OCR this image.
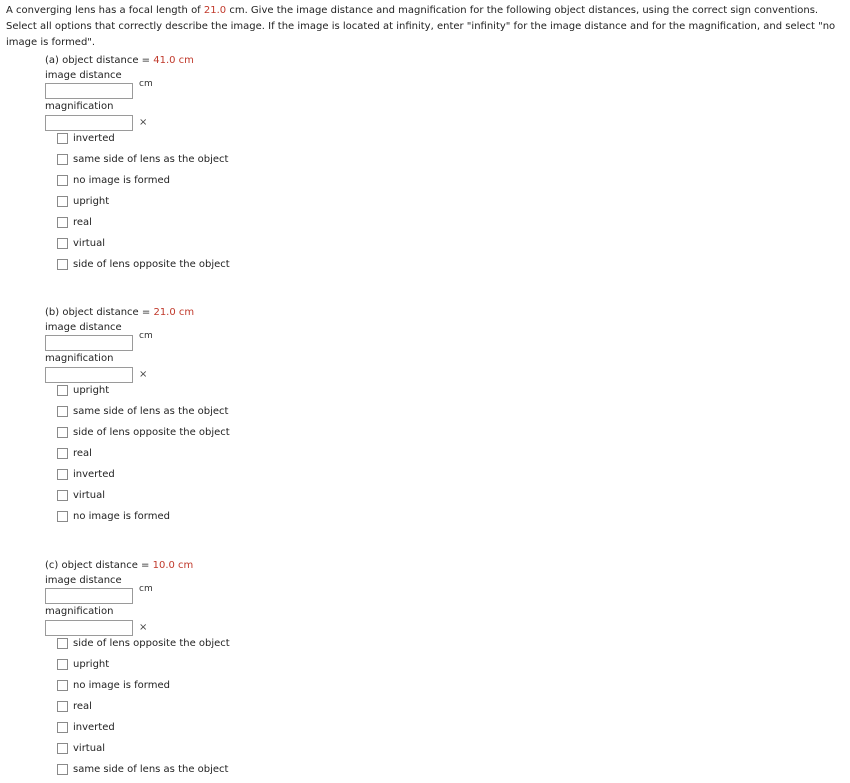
A converging lens has a focal length of 21.0 cm. Give the image distance and magnification for the following object distances, using the correct sign conventions. Select all options that correctly describe the image. If the image is located at infinity, enter "infinity" for the image distance and for the magnification, and select "no image is formed".

(a) object distance = 41.0 cm
image distance
cm
magnification
×
inverted
same side of lens as the object
no image is formed
upright
real
virtual
side of lens opposite the object
(b) object distance = 21.0 cm
image distance
cm
magnification
×
upright
same side of lens as the object
side of lens opposite the object
real
inverted
virtual
no image is formed
(c) object distance = 10.0 cm
image distance
cm
magnification
×
side of lens opposite the object
upright
no image is formed
real
inverted
virtual
same side of lens as the object
